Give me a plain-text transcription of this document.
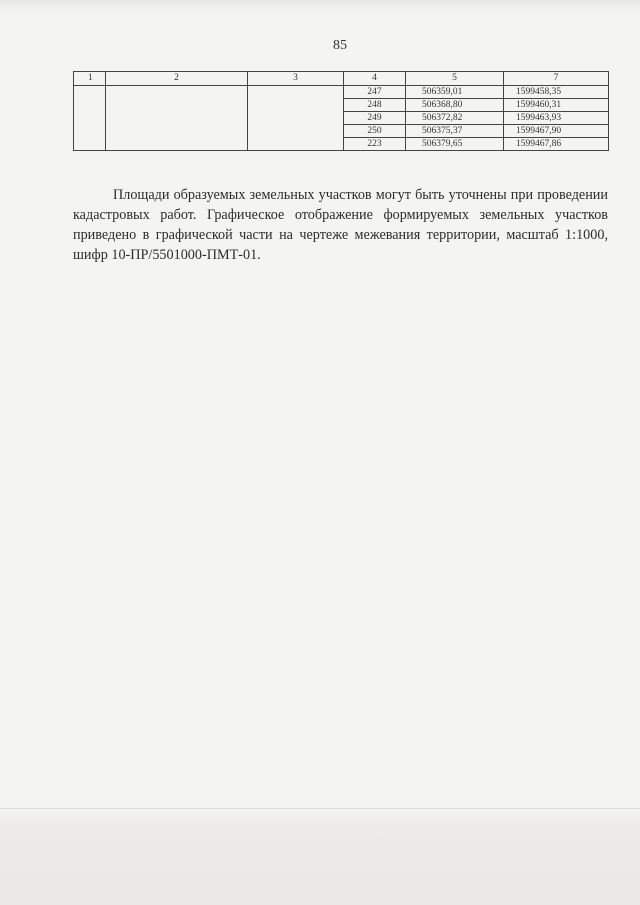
85
1	2	3	4	5	7
			247	506359,01	1599458,35
			248	506368,80	1599460,31
			249	506372,82	1599463,93
			250	506375,37	1599467,90
			223	506379,65	1599467,86

Площади образуемых земельных участков могут быть уточнены при проведении кадастровых работ. Графическое отображение формируемых земельных участков приведено в графической части на чертеже межевания территории, масштаб 1:1000, шифр 10-ПР/5501000-ПМТ-01.
